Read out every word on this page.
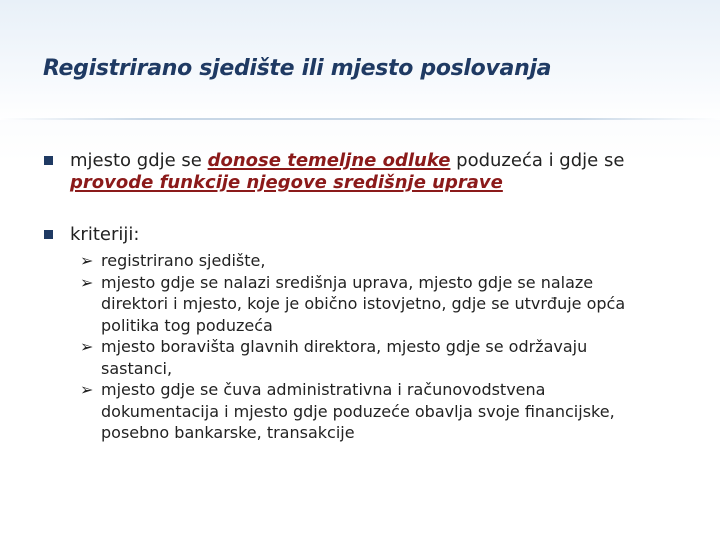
Registrirano sjedište ili mjesto poslovanja
mjesto gdje se donose temeljne odluke poduzeća i gdje se provode funkcije njegove središnje uprave
kriteriji:
➢ registrirano sjedište,
➢ mjesto gdje se nalazi središnja uprava, mjesto gdje se nalaze direktori i mjesto, koje je obično istovjetno, gdje se utvrđuje opća politika tog poduzeća
➢ mjesto boravišta glavnih direktora, mjesto gdje se održavaju sastanci,
➢ mjesto gdje se čuva administrativna i računovodstvena dokumentacija i mjesto gdje poduzeće obavlja svoje financijske, posebno bankarske, transakcije
